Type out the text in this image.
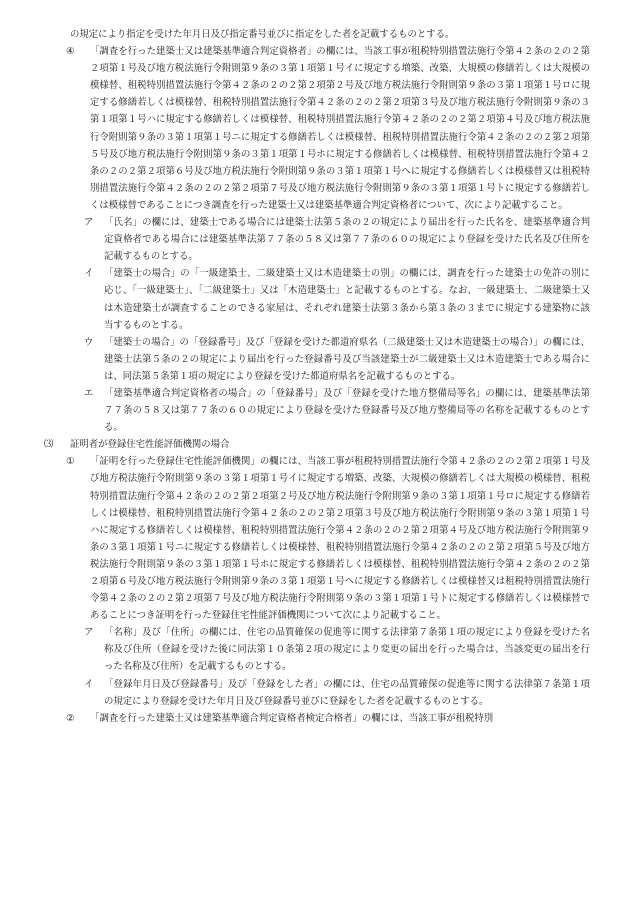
の規定により指定を受けた年月日及び指定番号並びに指定をした者を記載するものとする。

④	「調査を行った建築士又は建築基準適合判定資格者」の欄には、当該工事が租税特別措置法施行令第４２条の２の２第２項第１号及び地方税法施行令附則第９条の３第１項第１号イに規定する増築、改築、大規模の修繕若しくは大規模の模様替、租税特別措置法施行令第４２条の２の２第２項第２号及び地方税法施行令附則第９条の３第１項第１号ロに規定する修繕若しくは模様替、租税特別措置法施行令第４２条の２の２第２項第３号及び地方税法施行令附則第９条の３第１項第１号ハに規定する修繕若しくは模様替、租税特別措置法施行令第４２条の２の２第２項第４号及び地方税法施行令附則第９条の３第１項第１号ニに規定する修繕若しくは模様替、租税特別措置法施行令第４２条の２の２第２項第５号及び地方税法施行令附則第９条の３第１項第１号ホに規定する修繕若しくは模様替、租税特別措置法施行令第４２条の２の２第２項第６号及び地方税法施行令附則第９条の３第１項第１号へに規定する修繕若しくは模様替又は租税特別措置法施行令第４２条の２の２第２項第７号及び地方税法施行令附則第９条の３第１項第１号トに規定する修繕若しくは模様替であることにつき調査を行った建築士又は建築基準適合判定資格者について、次により記載すること。
ア	「氏名」の欄には、建築士である場合には建築士法第５条の２の規定により届出を行った氏名を、建築基準適合判定資格者である場合には建築基準法第７７条の５８又は第７７条の６０の規定により登録を受けた氏名及び住所を記載するものとする。
イ	「建築士の場合」の「一級建築士、二級建築士又は木造建築士の別」の欄には、調査を行った建築士の免許の別に応じ、「一級建築士」、「二級建築士」又は「木造建築士」と記載するものとする。なお、一級建築士、二級建築士又は木造建築士が調査することのできる家屋は、それぞれ建築士法第３条から第３条の３までに規定する建築物に該当するものとする。
ウ	「建築士の場合」の「登録番号」及び「登録を受けた都道府県名（二級建築士又は木造建築士の場合）」の欄には、建築士法第５条の２の規定により届出を行った登録番号及び当該建築士が二級建築士又は木造建築士である場合には、同法第５条第１項の規定により登録を受けた都道府県名を記載するものとする。
エ	「建築基準適合判定資格者の場合」の「登録番号」及び「登録を受けた地方整備局等名」の欄には、建築基準法第７７条の５８又は第７７条の６０の規定により登録を受けた登録番号及び地方整備局等の名称を記載するものとする。
⑶	証明者が登録住宅性能評価機関の場合
①	「証明を行った登録住宅性能評価機関」の欄には、当該工事が租税特別措置法施行令第４２条の２の２第２項第１号及び地方税法施行令附則第９条の３第１項第１号イに規定する増築、改築、大規模の修繕若しくは大規模の模様替、租税特別措置法施行令第４２条の２の２第２項第２号及び地方税法施行令附則第９条の３第１項第１号ロに規定する修繕若しくは模様替、租税特別措置法施行令第４２条の２の２第２項第３号及び地方税法施行令附則第９条の３第１項第１号ハに規定する修繕若しくは模様替、租税特別措置法施行令第４２条の２の２第２項第４号及び地方税法施行令附則第９条の３第１項第１号ニに規定する修繕若しくは模様替、租税特別措置法施行令第４２条の２の２第２項第５号及び地方税法施行令附則第９条の３第１項第１号ホに規定する修繕若しくは模様替、租税特別措置法施行令第４２条の２の２第２項第６号及び地方税法施行令附則第９条の３第１項第１号へに規定する修繕若しくは模様替又は租税特別措置法施行令第４２条の２の２第２項第７号及び地方税法施行令附則第９条の３第１項第１号トに規定する修繕若しくは模様替であることにつき証明を行った登録住宅性能評価機関について次により記載すること。
ア	「名称」及び「住所」の欄には、住宅の品質確保の促進等に関する法律第７条第１項の規定により登録を受けた名称及び住所（登録を受けた後に同法第１０条第２項の規定により変更の届出を行った場合は、当該変更の届出を行った名称及び住所）を記載するものとする。
イ	「登録年月日及び登録番号」及び「登録をした者」の欄には、住宅の品質確保の促進等に関する法律第７条第１項の規定により登録を受けた年月日及び登録番号並びに登録をした者を記載するものとする。
②	「調査を行った建築士又は建築基準適合判定資格者検定合格者」の欄には、当該工事が租税特別
